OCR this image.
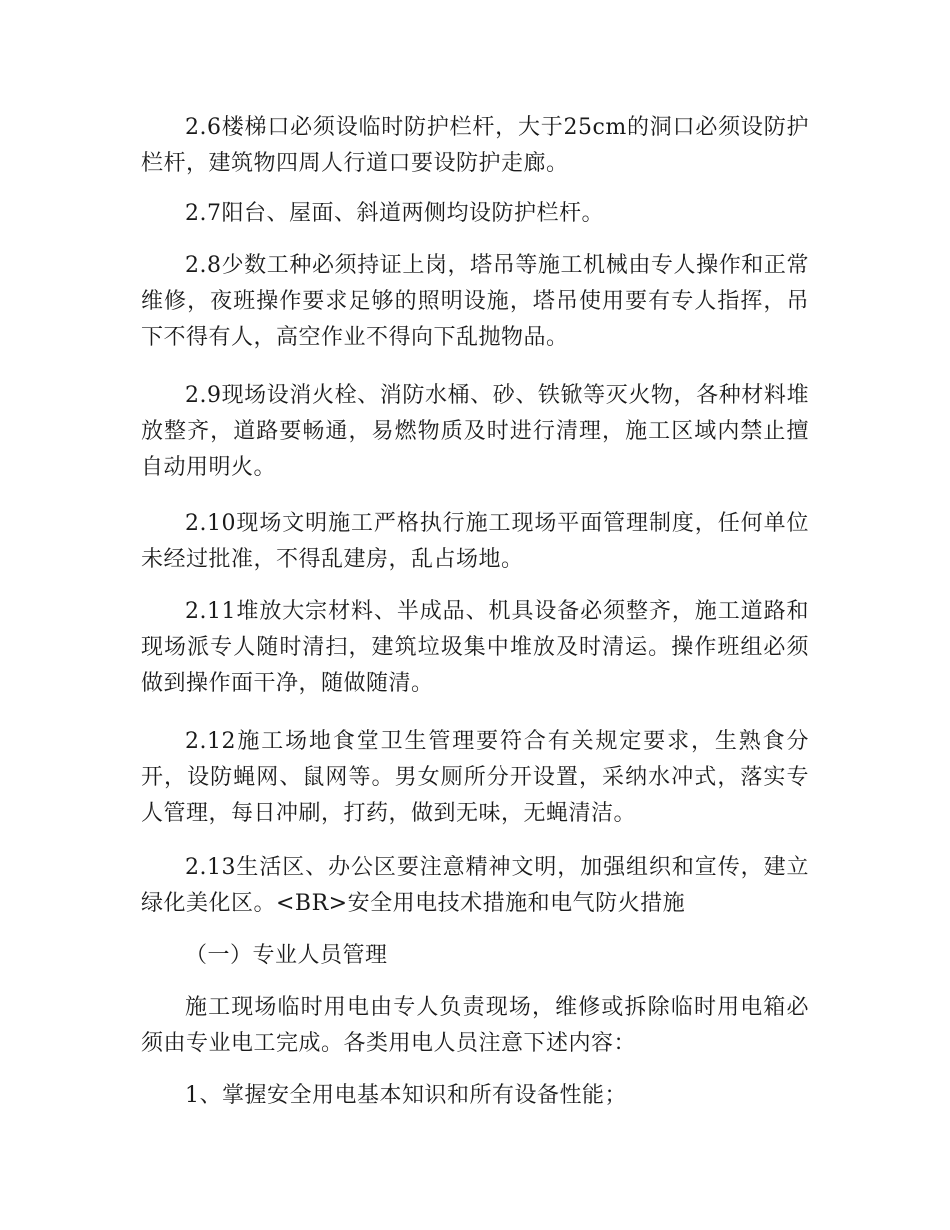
2.6楼梯口必须设临时防护栏杆，大于25cm的洞口必须设防护栏杆，建筑物四周人行道口要设防护走廊。

2.7阳台、屋面、斜道两侧均设防护栏杆。

2.8少数工种必须持证上岗，塔吊等施工机械由专人操作和正常维修，夜班操作要求足够的照明设施，塔吊使用要有专人指挥，吊下不得有人，高空作业不得向下乱抛物品。

2.9现场设消火栓、消防水桶、砂、铁锨等灭火物，各种材料堆放整齐，道路要畅通，易燃物质及时进行清理，施工区域内禁止擅自动用明火。

2.10现场文明施工严格执行施工现场平面管理制度，任何单位未经过批准，不得乱建房，乱占场地。

2.11堆放大宗材料、半成品、机具设备必须整齐，施工道路和现场派专人随时清扫，建筑垃圾集中堆放及时清运。操作班组必须做到操作面干净，随做随清。

2.12施工场地食堂卫生管理要符合有关规定要求，生熟食分开，设防蝇网、鼠网等。男女厕所分开设置，采纳水冲式，落实专人管理，每日冲刷，打药，做到无味，无蝇清洁。

2.13生活区、办公区要注意精神文明，加强组织和宣传，建立绿化美化区。<BR>安全用电技术措施和电气防火措施

（一）专业人员管理

施工现场临时用电由专人负责现场，维修或拆除临时用电箱必须由专业电工完成。各类用电人员注意下述内容：

1、掌握安全用电基本知识和所有设备性能；
